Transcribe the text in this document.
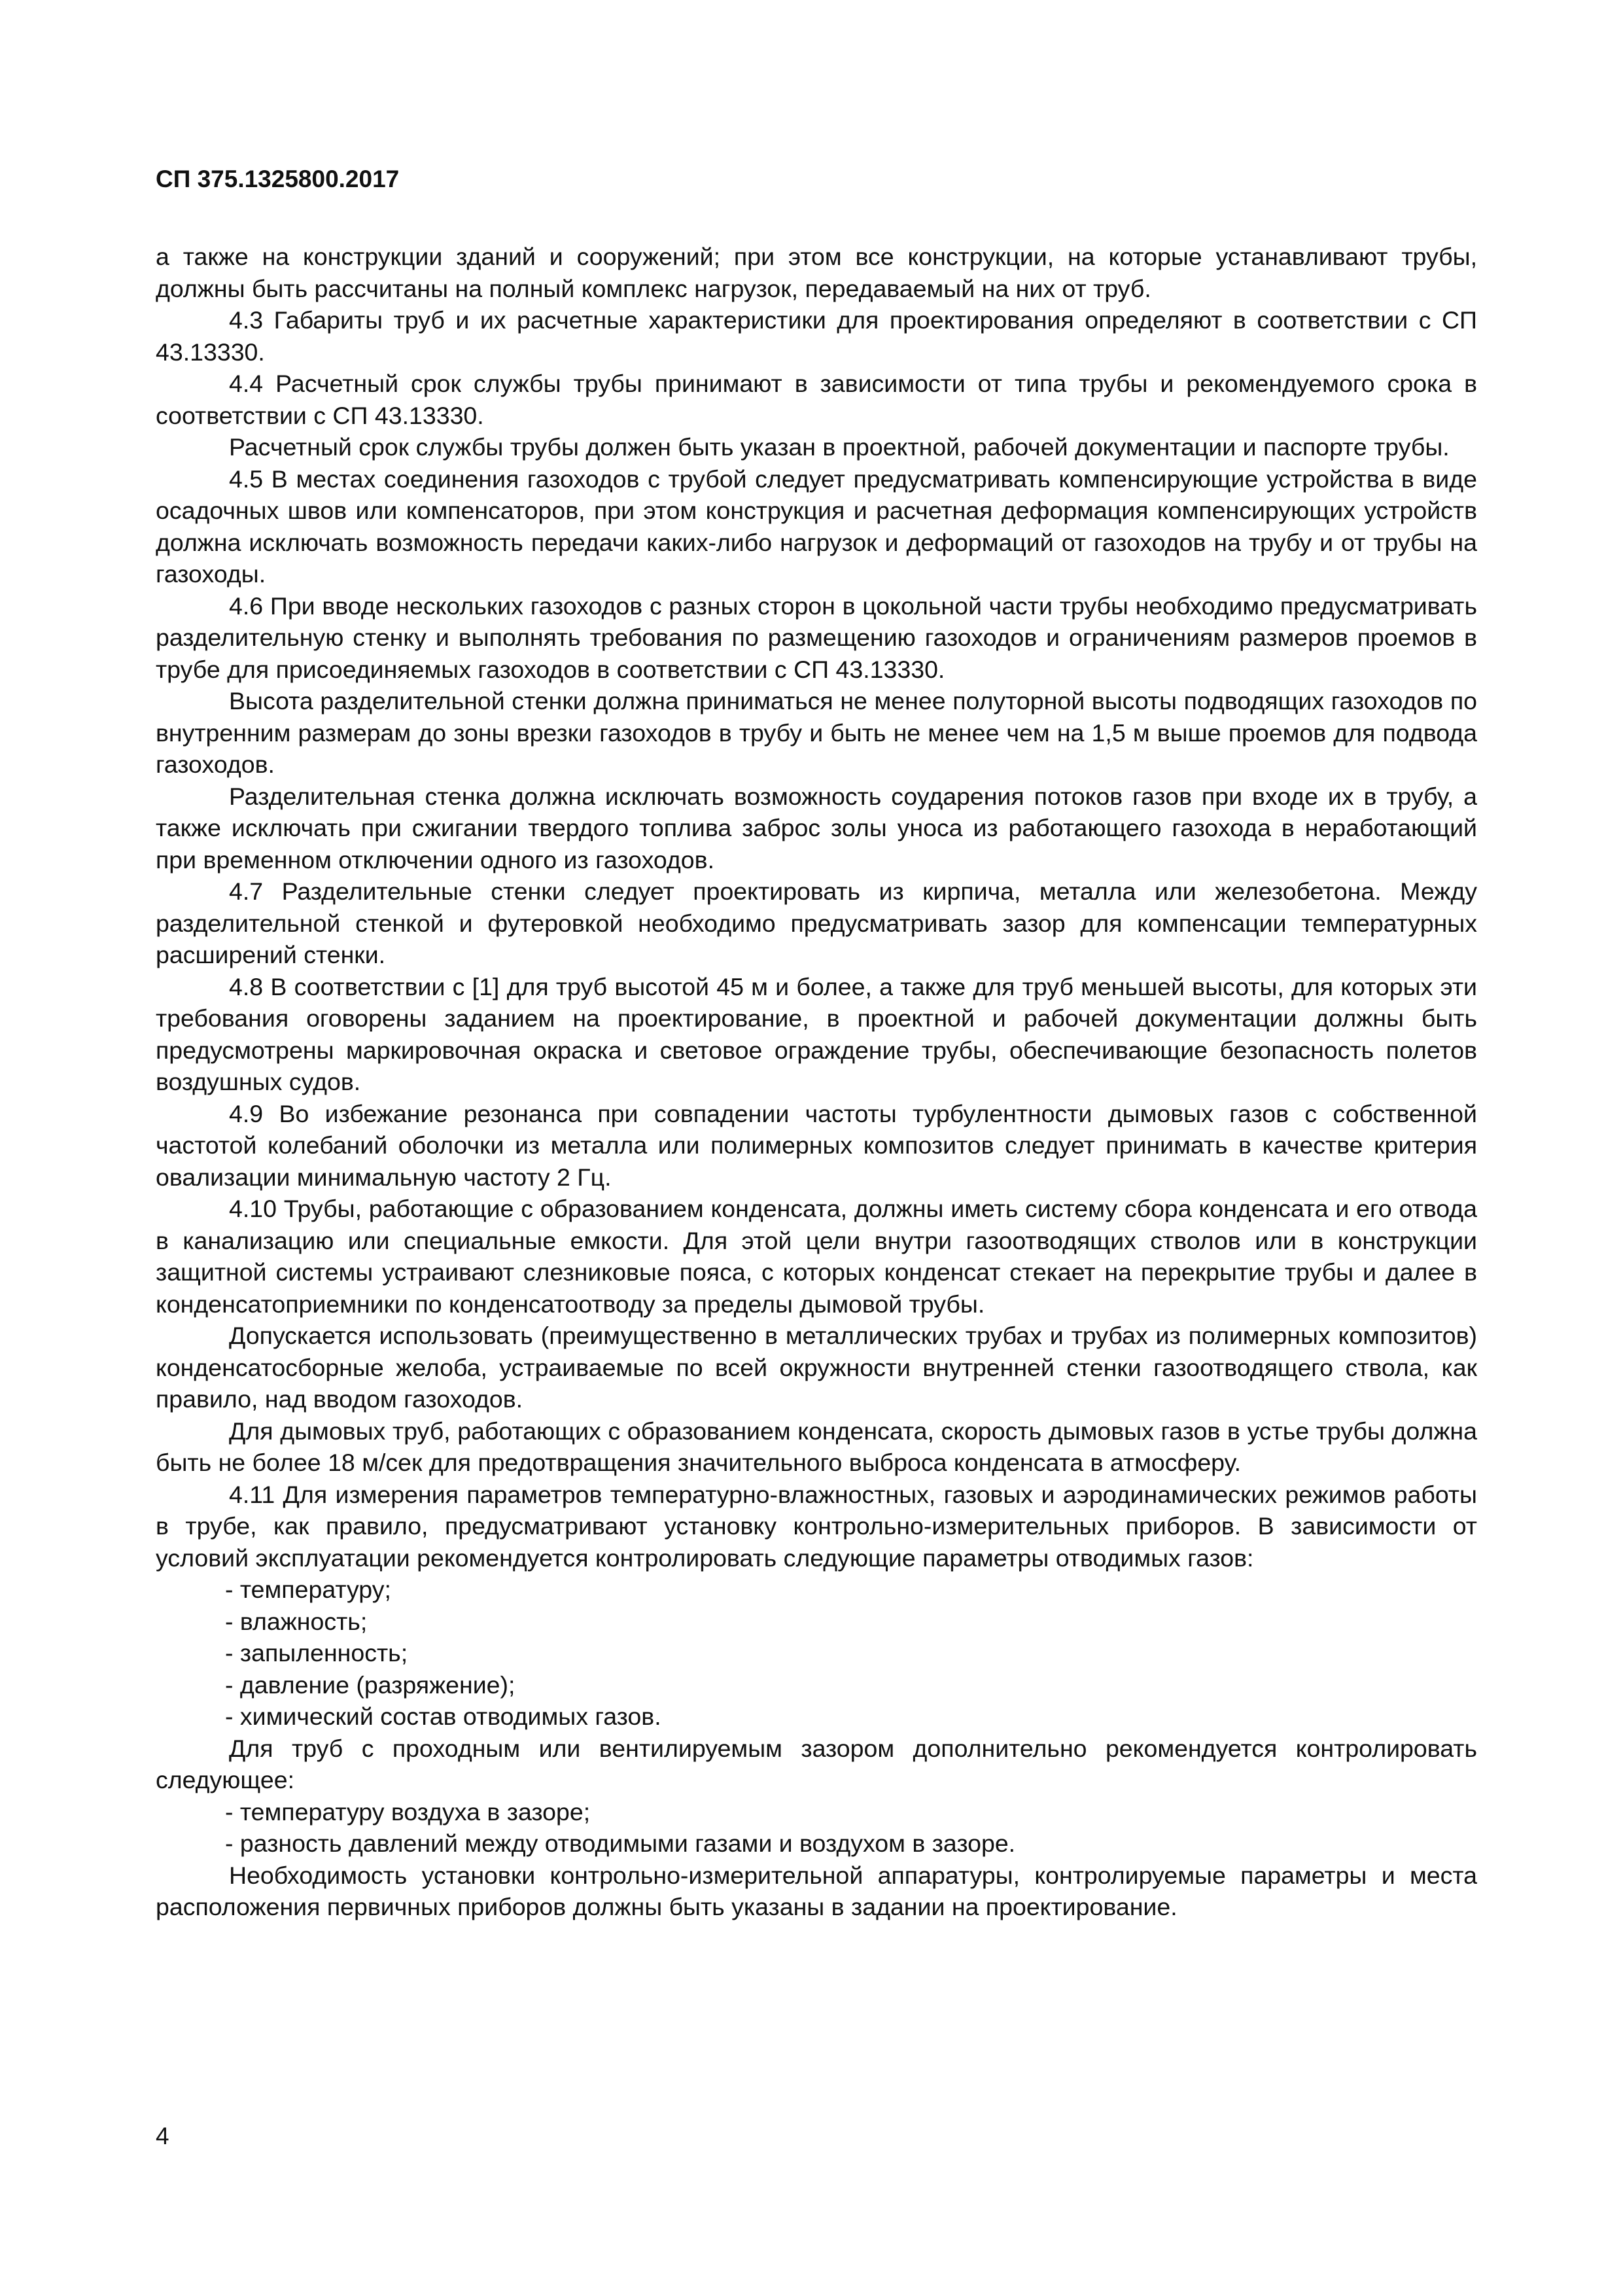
СП 375.1325800.2017

а также на конструкции зданий и сооружений; при этом все конструкции, на которые устанавливают трубы, должны быть рассчитаны на полный комплекс нагрузок, передаваемый на них от труб.

4.3 Габариты труб и их расчетные характеристики для проектирования определяют в соответствии с СП 43.13330.

4.4 Расчетный срок службы трубы принимают в зависимости от типа трубы и рекомендуемого срока в соответствии с СП 43.13330.

Расчетный срок службы трубы должен быть указан в проектной, рабочей документации и паспорте трубы.

4.5 В местах соединения газоходов с трубой следует предусматривать компенсирующие устройства в виде осадочных швов или компенсаторов, при этом конструкция и расчетная деформация компенсирующих устройств должна исключать возможность передачи каких-либо нагрузок и деформаций от газоходов на трубу и от трубы на газоходы.

4.6 При вводе нескольких газоходов с разных сторон в цокольной части трубы необходимо предусматривать разделительную стенку и выполнять требования по размещению газоходов и ограничениям размеров проемов в трубе для присоединяемых газоходов в соответствии с СП 43.13330.

Высота разделительной стенки должна приниматься не менее полуторной высоты подводящих газоходов по внутренним размерам до зоны врезки газоходов в трубу и быть не менее чем на 1,5 м выше проемов для подвода газоходов.

Разделительная стенка должна исключать возможность соударения потоков газов при входе их в трубу, а также исключать при сжигании твердого топлива заброс золы уноса из работающего газохода в неработающий при временном отключении одного из газоходов.

4.7 Разделительные стенки следует проектировать из кирпича, металла или железобетона. Между разделительной стенкой и футеровкой необходимо предусматривать зазор для компенсации температурных расширений стенки.

4.8 В соответствии с [1] для труб высотой 45 м и более, а также для труб меньшей высоты, для которых эти требования оговорены заданием на проектирование, в проектной и рабочей документации должны быть предусмотрены маркировочная окраска и световое ограждение трубы, обеспечивающие безопасность полетов воздушных судов.

4.9 Во избежание резонанса при совпадении частоты турбулентности дымовых газов с собственной частотой колебаний оболочки из металла или полимерных композитов следует принимать в качестве критерия овализации минимальную частоту 2 Гц.

4.10 Трубы, работающие с образованием конденсата, должны иметь систему сбора конденсата и его отвода в канализацию или специальные емкости. Для этой цели внутри газоотводящих стволов или в конструкции защитной системы устраивают слезниковые пояса, с которых конденсат стекает на перекрытие трубы и далее в конденсатоприемники по конденсатоотводу за пределы дымовой трубы.

Допускается использовать (преимущественно в металлических трубах и трубах из полимерных композитов) конденсатосборные желоба, устраиваемые по всей окружности внутренней стенки газоотводящего ствола, как правило, над вводом газоходов.

Для дымовых труб, работающих с образованием конденсата, скорость дымовых газов в устье трубы должна быть не более 18 м/сек для предотвращения значительного выброса конденсата в атмосферу.

4.11 Для измерения параметров температурно-влажностных, газовых и аэродинамических режимов работы в трубе, как правило, предусматривают установку контрольно-измерительных приборов. В зависимости от условий эксплуатации рекомендуется контролировать следующие параметры отводимых газов:

- температуру;

- влажность;

- запыленность;

- давление (разряжение);

- химический состав отводимых газов.

Для труб с проходным или вентилируемым зазором дополнительно рекомендуется контролировать следующее:

- температуру воздуха в зазоре;

- разность давлений между отводимыми газами и воздухом в зазоре.

Необходимость установки контрольно-измерительной аппаратуры, контролируемые параметры и места расположения первичных приборов должны быть указаны в задании на проектирование.

4
